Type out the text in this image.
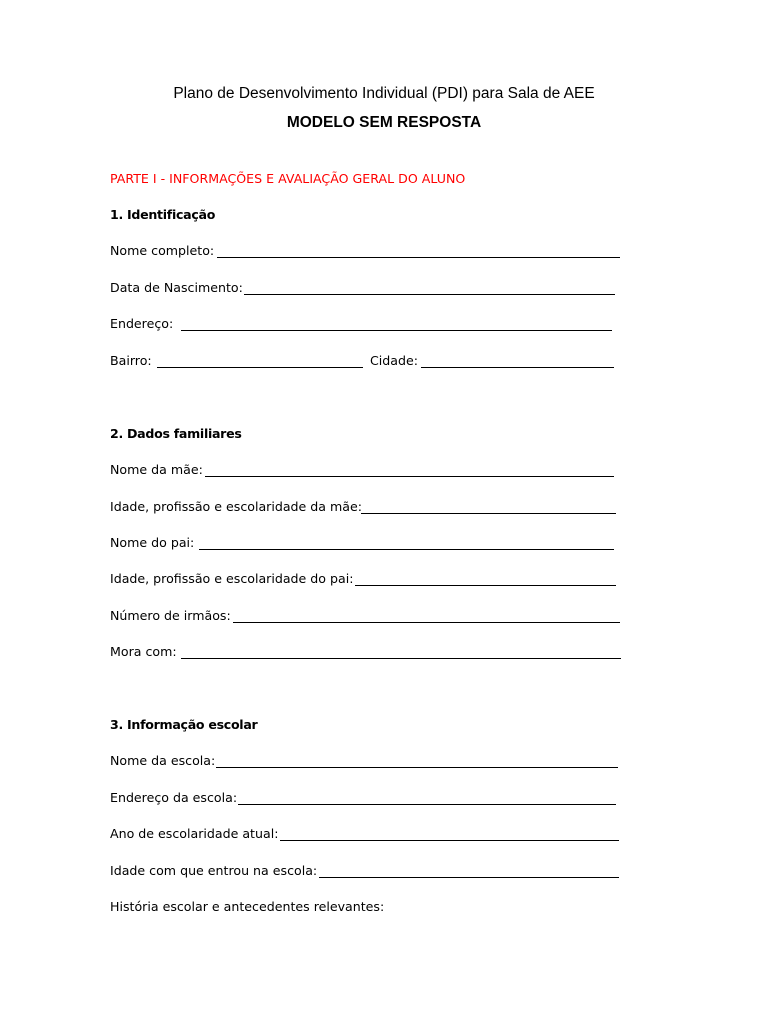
Plano de Desenvolvimento Individual (PDI) para Sala de AEE
MODELO SEM RESPOSTA
PARTE I - INFORMAÇÕES E AVALIAÇÃO GERAL DO ALUNO
1. Identificação
Nome completo:
Data de Nascimento:
Endereço:
Bairro:	Cidade:
2. Dados familiares
Nome da mãe:
Idade, profissão e escolaridade da mãe:
Nome do pai:
Idade, profissão e escolaridade do pai:
Número de irmãos:
Mora com:
3. Informação escolar
Nome da escola:
Endereço da escola:
Ano de escolaridade atual:
Idade com que entrou na escola:
História escolar e antecedentes relevantes:
